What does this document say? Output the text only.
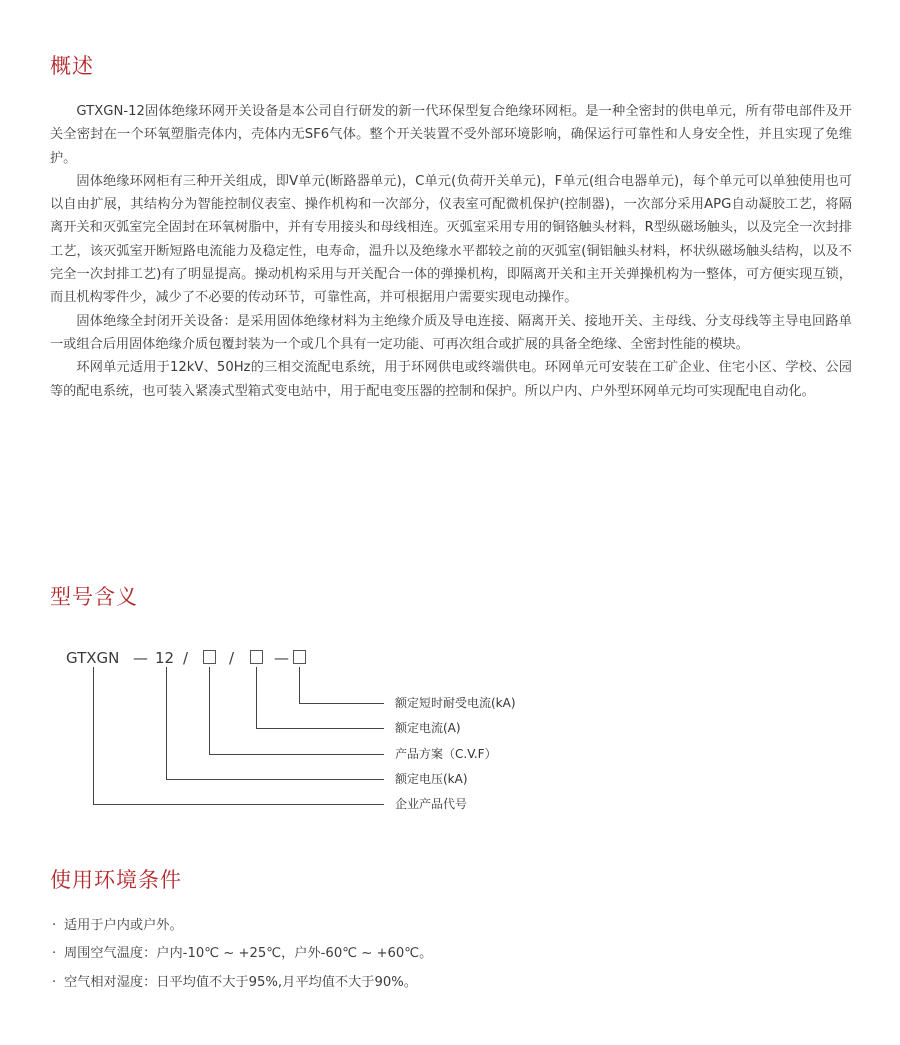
概述

GTXGN-12固体绝缘环网开关设备是本公司自行研发的新一代环保型复合绝缘环网柜。是一种全密封的供电单元，所有带电部件及开关全密封在一个环氧塑脂壳体内，壳体内无SF6气体。整个开关装置不受外部环境影响，确保运行可靠性和人身安全性，并且实现了免维护。

固体绝缘环网柜有三种开关组成，即V单元(断路器单元)，C单元(负荷开关单元)，F单元(组合电器单元)，每个单元可以单独使用也可以自由扩展，其结构分为智能控制仪表室、操作机构和一次部分，仪表室可配微机保护(控制器)，一次部分采用APG自动凝胶工艺，将隔离开关和灭弧室完全固封在环氧树脂中，并有专用接头和母线相连。灭弧室采用专用的铜铬触头材料，R型纵磁场触头，以及完全一次封排工艺，该灭弧室开断短路电流能力及稳定性，电寿命，温升以及绝缘水平都较之前的灭弧室(铜铝触头材料，杯状纵磁场触头结构，以及不完全一次封排工艺)有了明显提高。操动机构采用与开关配合一体的弹操机构，即隔离开关和主开关弹操机构为一整体，可方便实现互锁，而且机构零件少，减少了不必要的传动环节，可靠性高，并可根据用户需要实现电动操作。

固体绝缘全封闭开关设备：是采用固体绝缘材料为主绝缘介质及导电连接、隔离开关、接地开关、主母线、分支母线等主导电回路单一或组合后用固体绝缘介质包覆封装为一个或几个具有一定功能、可再次组合或扩展的具备全绝缘、全密封性能的模块。

环网单元适用于12kV、50Hz的三相交流配电系统，用于环网供电或终端供电。环网单元可安装在工矿企业、住宅小区、学校、公园等的配电系统，也可装入紧凑式型箱式变电站中，用于配电变压器的控制和保护。所以户内、户外型环网单元均可实现配电自动化。

型号含义
GTXGN — 12 /	/	—
额定短时耐受电流(kA)
额定电流(A)
产品方案（C.V.F）
额定电压(kA)
企业产品代号
使用环境条件
· 适用于户内或户外。
· 周围空气温度：户内-10℃ ~ +25℃，户外-60℃ ~ +60℃。
· 空气相对湿度：日平均值不大于95%,月平均值不大于90%。
